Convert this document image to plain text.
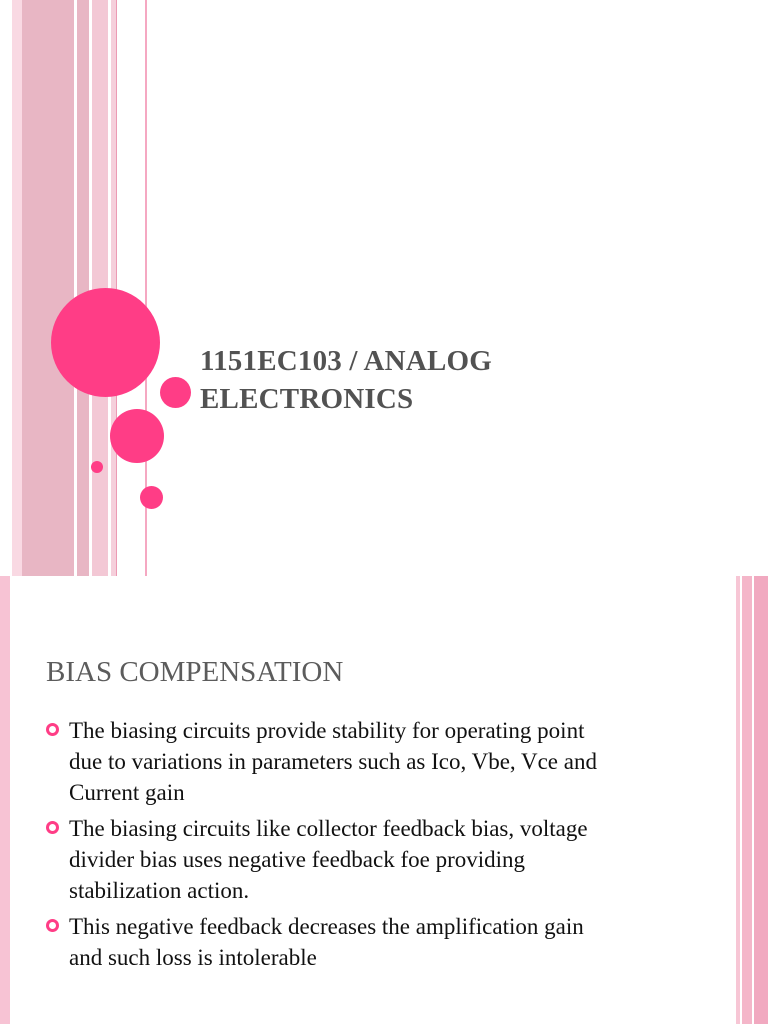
1151EC103 / ANALOG
ELECTRONICS
BIAS COMPENSATION
The biasing circuits provide stability for operating point
due to variations in parameters such as Ico, Vbe, Vce and
Current gain
The biasing circuits like collector feedback bias, voltage
divider bias uses negative feedback foe providing
stabilization action.
This negative feedback decreases the amplification gain
and such loss is intolerable
